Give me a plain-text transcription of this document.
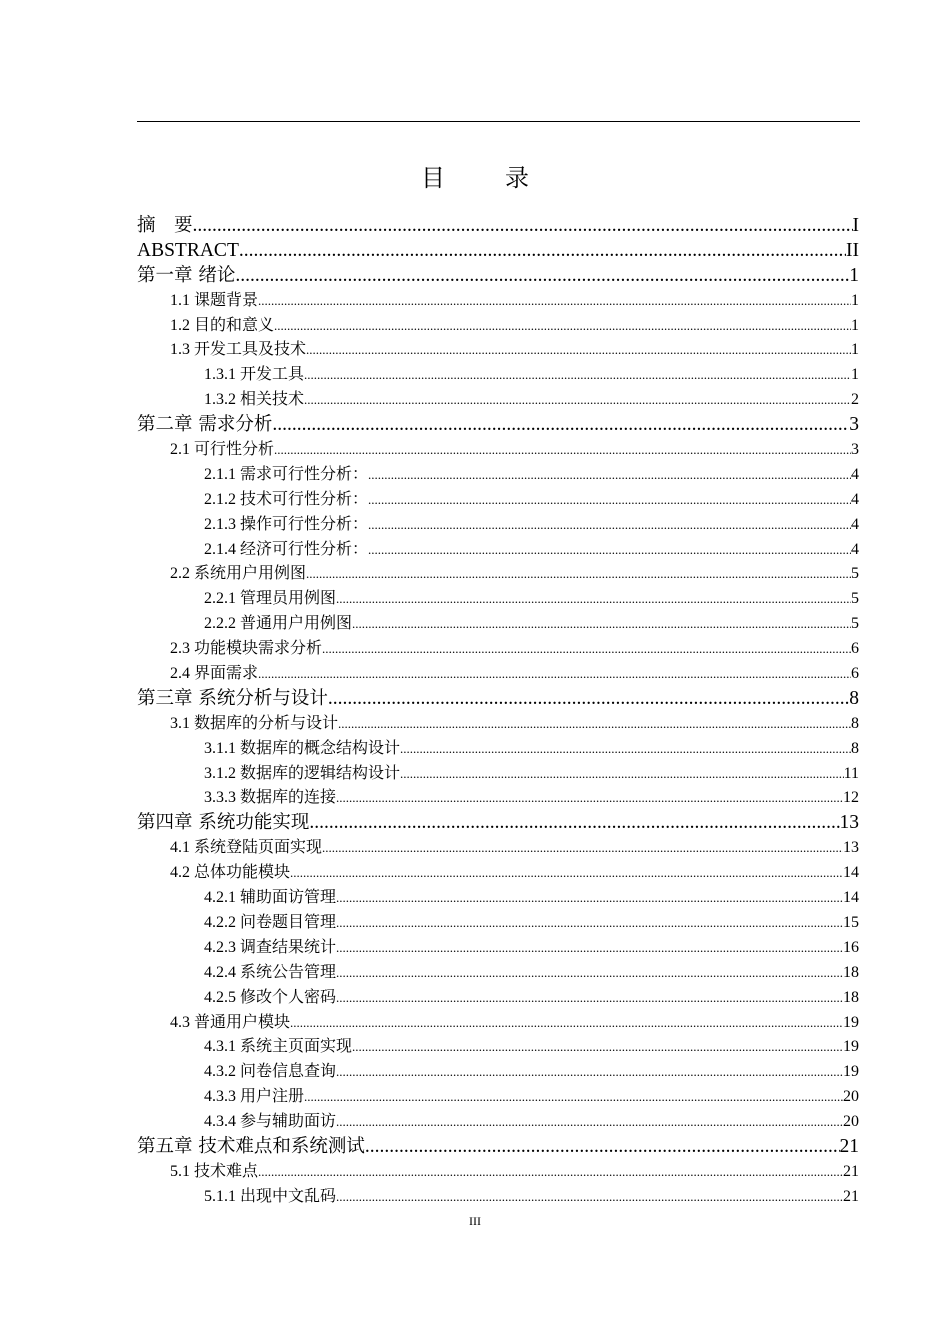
目　录
摘　要 .....	I
ABSTRACT .....	II
第一章 绪论 .....	1
1.1 课题背景 .....	1
1.2 目的和意义 .....	1
1.3 开发工具及技术 .....	1
1.3.1 开发工具 .....	1
1.3.2 相关技术 .....	2
第二章 需求分析 .....	3
2.1 可行性分析 .....	3
2.1.1 需求可行性分析： .....	4
2.1.2 技术可行性分析： .....	4
2.1.3 操作可行性分析： .....	4
2.1.4 经济可行性分析： .....	4
2.2 系统用户用例图 .....	5
2.2.1 管理员用例图 .....	5
2.2.2 普通用户用例图 .....	5
2.3 功能模块需求分析 .....	6
2.4 界面需求 .....	6
第三章 系统分析与设计 .....	8
3.1 数据库的分析与设计 .....	8
3.1.1 数据库的概念结构设计 .....	8
3.1.2 数据库的逻辑结构设计 .....	11
3.3.3 数据库的连接 .....	12
第四章 系统功能实现 .....	13
4.1 系统登陆页面实现 .....	13
4.2 总体功能模块 .....	14
4.2.1 辅助面访管理 .....	14
4.2.2 问卷题目管理 .....	15
4.2.3 调查结果统计 .....	16
4.2.4 系统公告管理 .....	18
4.2.5 修改个人密码 .....	18
4.3 普通用户模块 .....	19
4.3.1 系统主页面实现 .....	19
4.3.2 问卷信息查询 .....	19
4.3.3 用户注册 .....	20
4.3.4 参与辅助面访 .....	20
第五章 技术难点和系统测试 .....	21
5.1 技术难点 .....	21
5.1.1 出现中文乱码 .....	21
III
